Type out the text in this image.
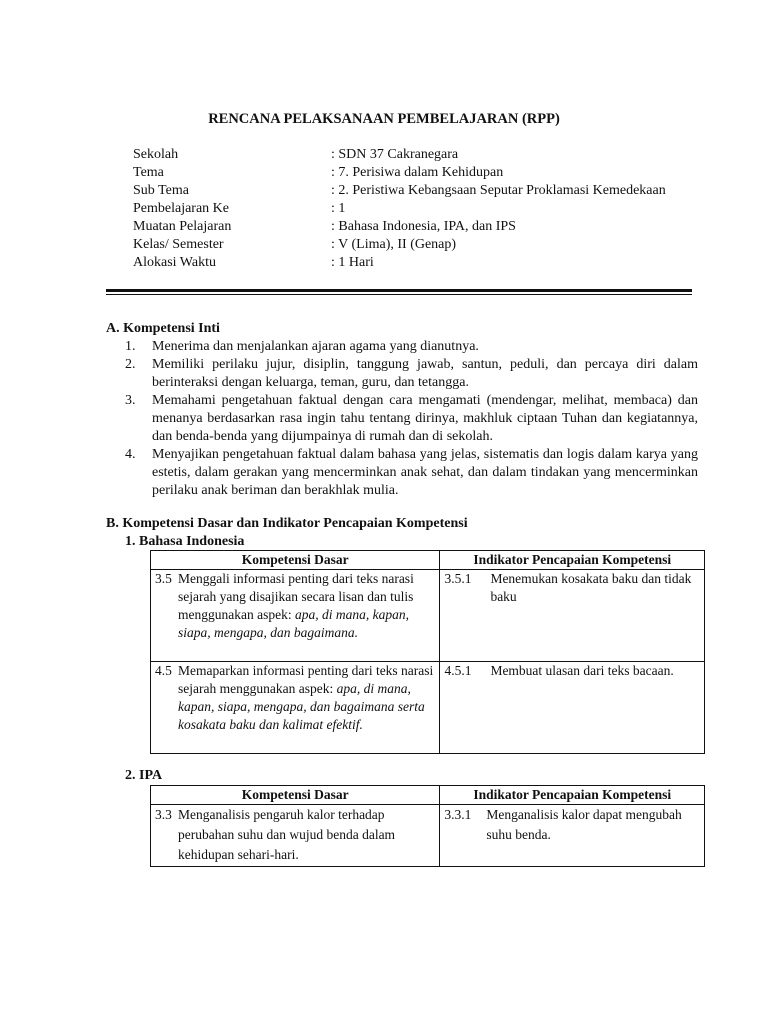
RENCANA PELAKSANAAN PEMBELAJARAN (RPP)
Sekolah	: SDN 37 Cakranegara
Tema	: 7. Perisiwa dalam Kehidupan
Sub Tema	: 2. Peristiwa Kebangsaan Seputar Proklamasi Kemedekaan
Pembelajaran Ke	: 1
Muatan Pelajaran	: Bahasa Indonesia, IPA, dan IPS
Kelas/ Semester	: V (Lima), II (Genap)
Alokasi Waktu	: 1 Hari
A. Kompetensi Inti
1. Menerima dan menjalankan ajaran agama yang dianutnya.
2. Memiliki perilaku jujur, disiplin, tanggung jawab, santun, peduli, dan percaya diri dalam berinteraksi dengan keluarga, teman, guru, dan tetangga.
3. Memahami pengetahuan faktual dengan cara mengamati (mendengar, melihat, membaca) dan menanya berdasarkan rasa ingin tahu tentang dirinya, makhluk ciptaan Tuhan dan kegiatannya, dan benda-benda yang dijumpainya di rumah dan di sekolah.
4. Menyajikan pengetahuan faktual dalam bahasa yang jelas, sistematis dan logis dalam karya yang estetis, dalam gerakan yang mencerminkan anak sehat, dan dalam tindakan yang mencerminkan perilaku anak beriman dan berakhlak mulia.
B. Kompetensi Dasar dan Indikator Pencapaian Kompetensi
1. Bahasa Indonesia
Kompetensi Dasar	Indikator Pencapaian Kompetensi

3.5 Menggali informasi penting dari teks narasi sejarah yang disajikan secara lisan dan tulis menggunakan aspek: apa, di mana, kapan, siapa, mengapa, dan bagaimana.	3.5.1 Menemukan kosakata baku dan tidak baku

4.5 Memaparkan informasi penting dari teks narasi sejarah menggunakan aspek: apa, di mana, kapan, siapa, mengapa, dan bagaimana serta kosakata baku dan kalimat efektif.	4.5.1 Membuat ulasan dari teks bacaan.
2. IPA
Kompetensi Dasar	Indikator Pencapaian Kompetensi

3.3 Menganalisis pengaruh kalor terhadap perubahan suhu dan wujud benda dalam kehidupan sehari-hari.	3.3.1 Menganalisis kalor dapat mengubah suhu benda.
